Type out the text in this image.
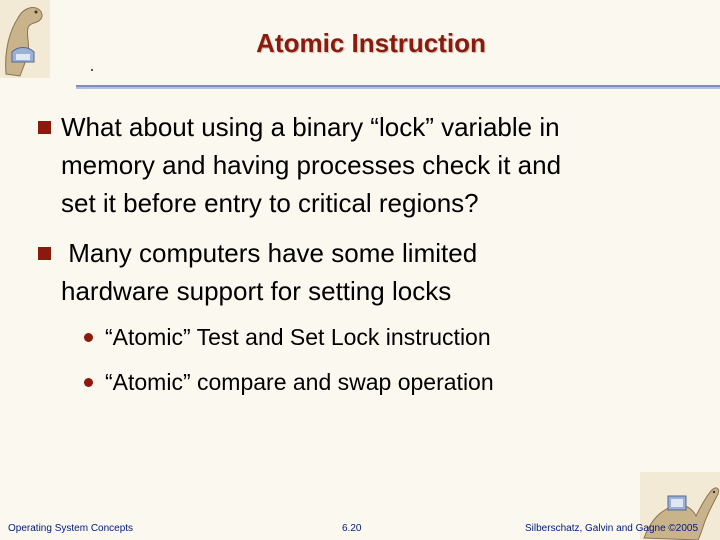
Atomic Instruction
What about using a binary “lock” variable in
memory and having processes check it and
set it before entry to critical regions?
Many computers have some limited
hardware support for setting locks
“Atomic” Test and Set Lock instruction
“Atomic” compare and swap operation
Operating System Concepts	6.20	Silberschatz, Galvin and Gagne ©2005
